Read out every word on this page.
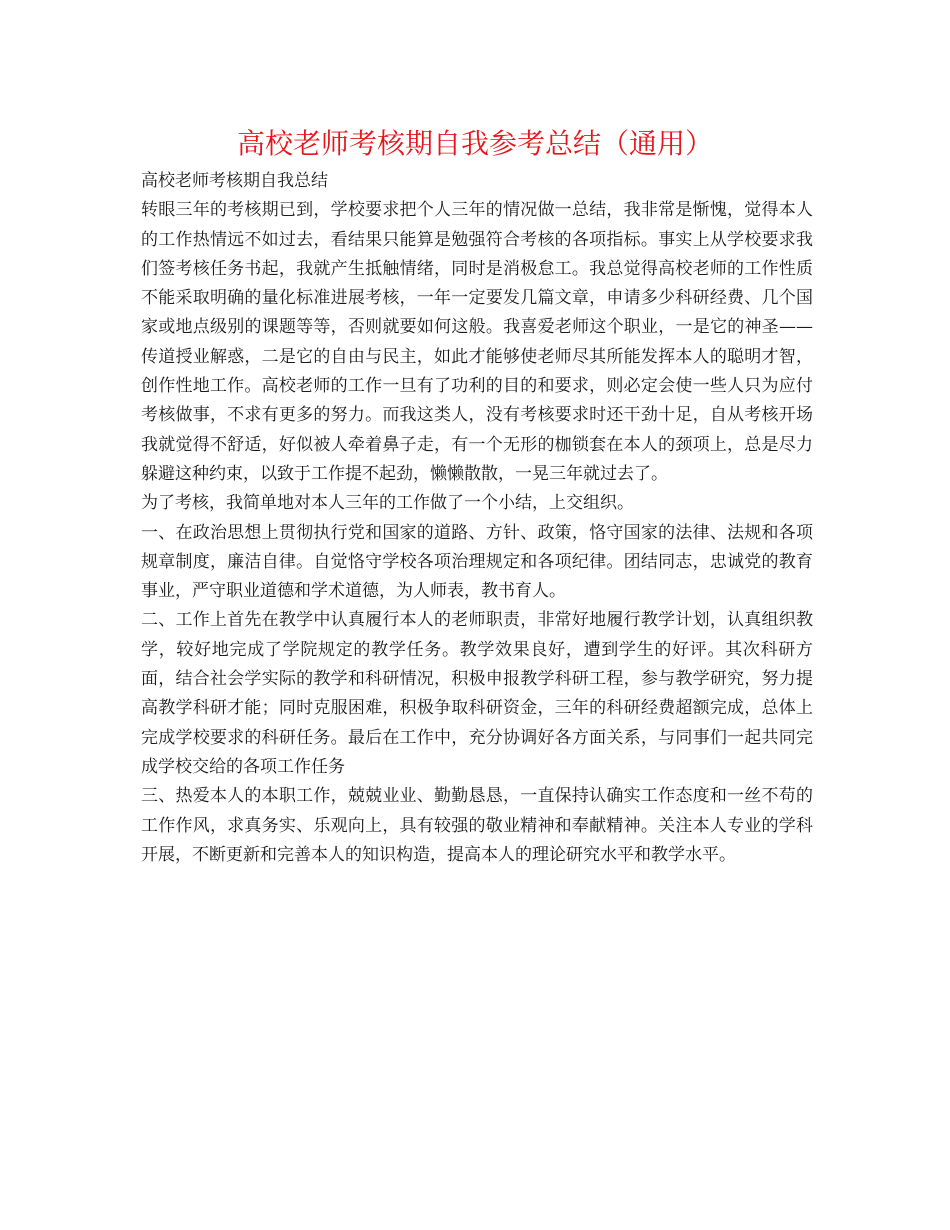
高校老师考核期自我参考总结（通用）

高校老师考核期自我总结

转眼三年的考核期已到，学校要求把个人三年的情况做一总结，我非常是惭愧，觉得本人的工作热情远不如过去，看结果只能算是勉强符合考核的各项指标。事实上从学校要求我们签考核任务书起，我就产生抵触情绪，同时是消极怠工。我总觉得高校老师的工作性质不能采取明确的量化标准进展考核，一年一定要发几篇文章，申请多少科研经费、几个国家或地点级别的课题等等，否则就要如何这般。我喜爱老师这个职业，一是它的神圣——传道授业解惑，二是它的自由与民主，如此才能够使老师尽其所能发挥本人的聪明才智，创作性地工作。高校老师的工作一旦有了功利的目的和要求，则必定会使一些人只为应付考核做事，不求有更多的努力。而我这类人，没有考核要求时还干劲十足，自从考核开场我就觉得不舒适，好似被人牵着鼻子走，有一个无形的枷锁套在本人的颈项上，总是尽力躲避这种约束，以致于工作提不起劲，懒懒散散，一晃三年就过去了。

为了考核，我简单地对本人三年的工作做了一个小结，上交组织。

一、在政治思想上贯彻执行党和国家的道路、方针、政策，恪守国家的法律、法规和各项规章制度，廉洁自律。自觉恪守学校各项治理规定和各项纪律。团结同志，忠诚党的教育事业，严守职业道德和学术道德，为人师表，教书育人。

二、工作上首先在教学中认真履行本人的老师职责，非常好地履行教学计划，认真组织教学，较好地完成了学院规定的教学任务。教学效果良好，遭到学生的好评。其次科研方面，结合社会学实际的教学和科研情况，积极申报教学科研工程，参与教学研究，努力提高教学科研才能；同时克服困难，积极争取科研资金，三年的科研经费超额完成，总体上完成学校要求的科研任务。最后在工作中，充分协调好各方面关系，与同事们一起共同完成学校交给的各项工作任务

三、热爱本人的本职工作，兢兢业业、勤勤恳恳，一直保持认确实工作态度和一丝不苟的工作作风，求真务实、乐观向上，具有较强的敬业精神和奉献精神。关注本人专业的学科开展，不断更新和完善本人的知识构造，提高本人的理论研究水平和教学水平。
